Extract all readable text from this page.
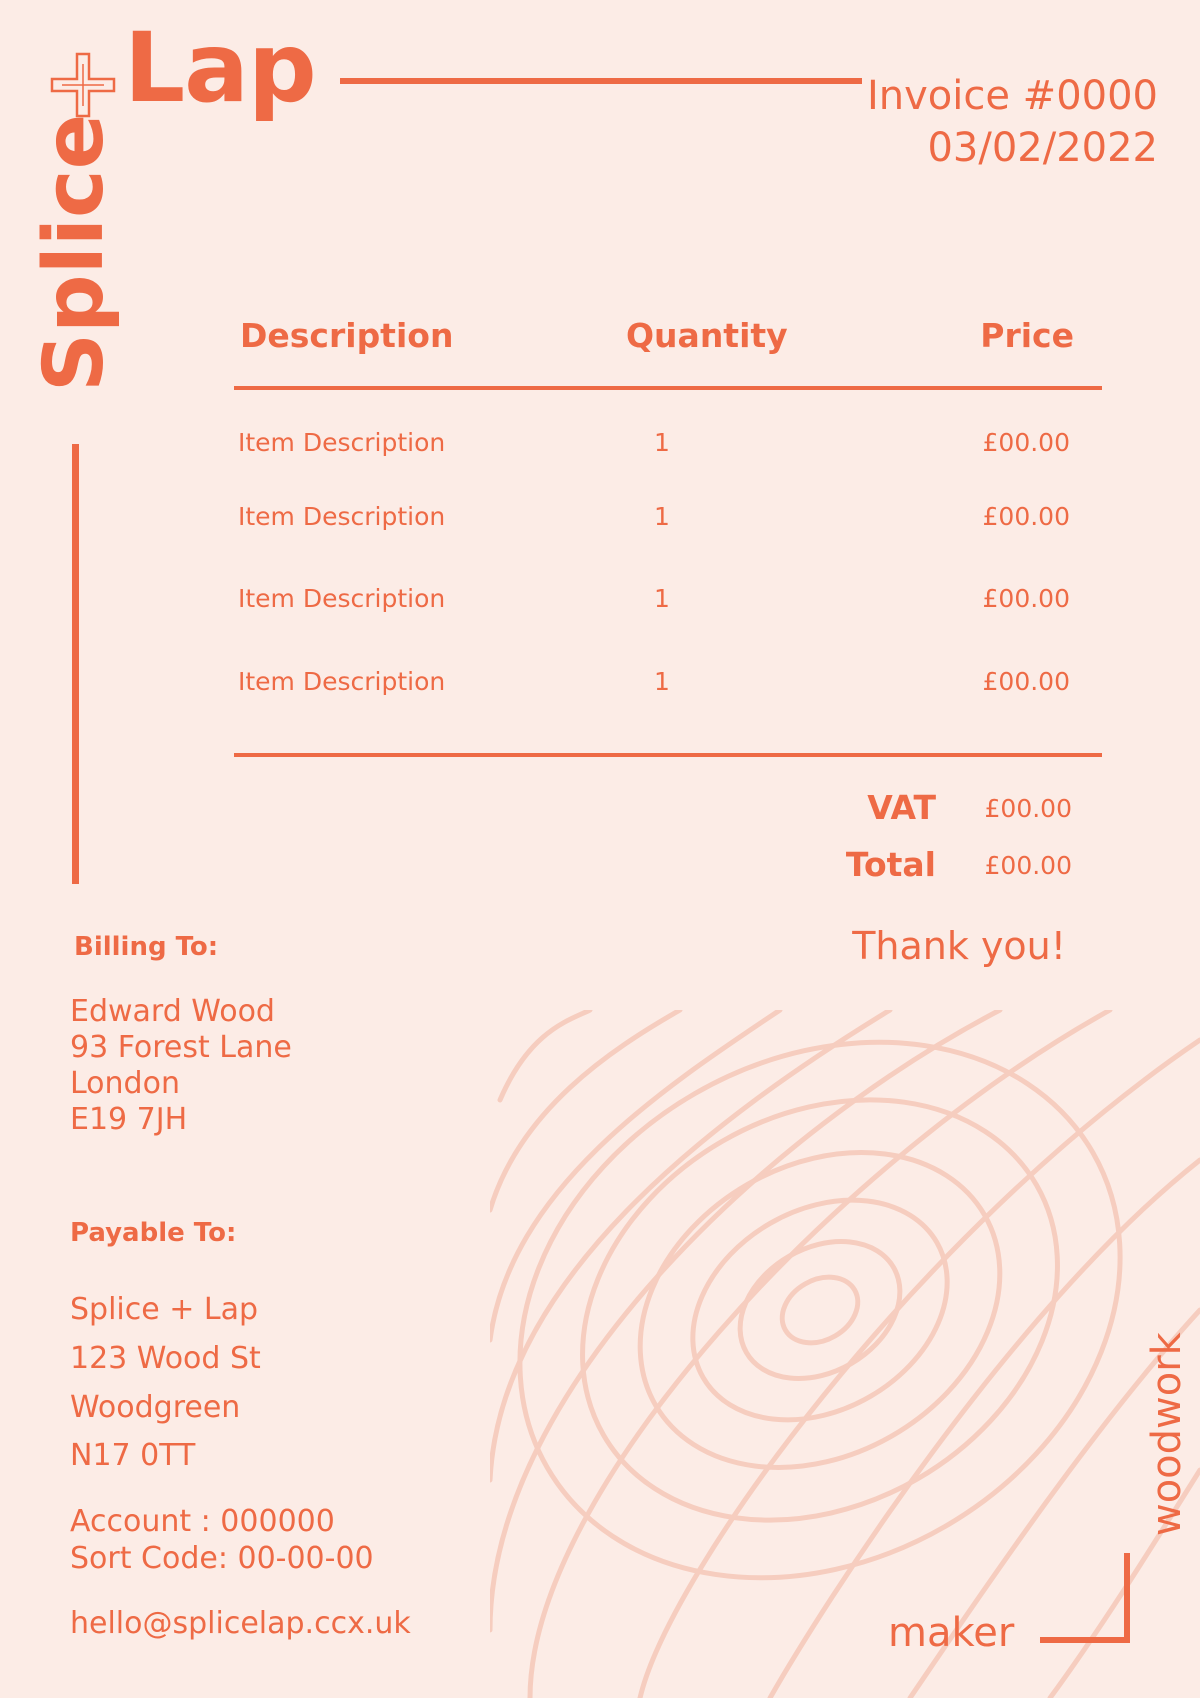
Lap
Splice
Invoice #0000
03/02/2022
Description	Quantity	Price
Item Description	1	£00.00
Item Description	1	£00.00
Item Description	1	£00.00
Item Description	1	£00.00
VAT £00.00
Total £00.00
Thank you!
Billing To:
Edward Wood
93 Forest Lane
London
E19 7JH
Payable To:
Splice + Lap
123 Wood St
Woodgreen
N17 0TT
Account : 000000
Sort Code: 00-00-00
hello@splicelap.ccx.uk
woodwork
maker
